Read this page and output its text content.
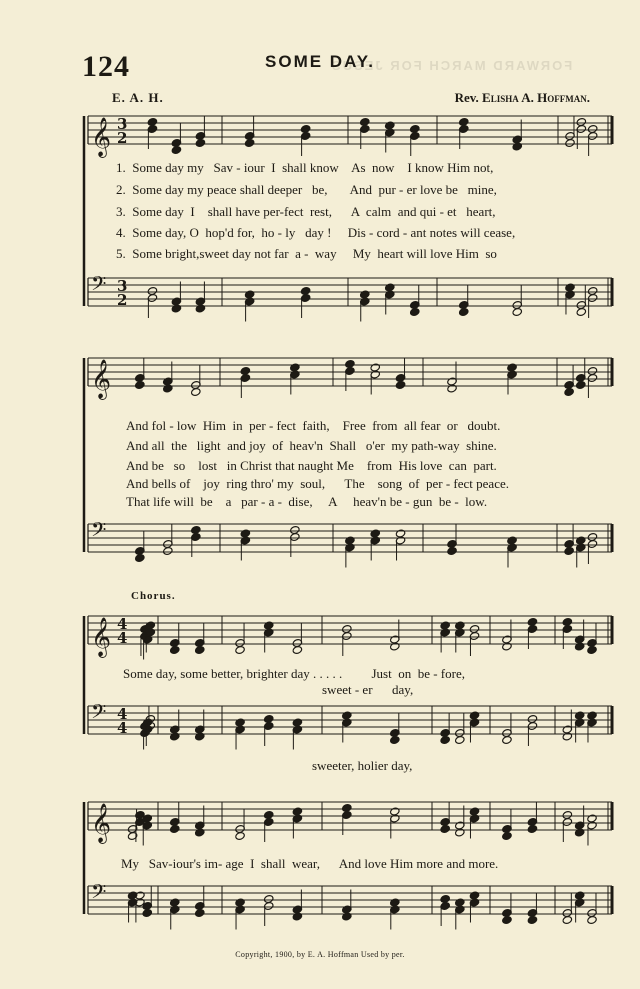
124	SOME DAY.
FORWARD MARCH FOR JESUS
E. A. H.	Rev. Elisha A. Hoffman.
𝄞 3
2
𝄢 3
2
𝄞
𝄢
𝄞 4
4
𝄢 4
4
𝄞
𝄢
1.  Some day my   Sav - iour  I  shall know    As  now    I know Him not,
2.  Some day my peace shall deeper   be,       And  pur - er love be   mine,
3.  Some day  I    shall have per-fect  rest,      A  calm  and qui - et   heart,
4.  Some day, O  hop'd for,  ho - ly   day !     Dis - cord - ant notes will cease,
5.  Some bright,sweet day not far  a -  way     My  heart will love Him  so
And fol - low  Him  in  per - fect  faith,    Free  from  all fear  or   doubt.
And all  the   light  and joy  of  heav'n  Shall   o'er  my path-way  shine.
And be   so    lost   in Christ that naught Me    from  His love  can  part.
And bells of    joy  ring thro' my  soul,      The    song  of  per - fect peace.
That life will  be    a   par - a -  dise,     A     heav'n be - gun  be -  low.
Chorus.
Some day, some better, brighter day . . . . .         Just  on  be - fore,
sweet - er      day,
sweeter, holier day,
My   Sav-iour's im- age  I  shall  wear,      And love Him more and more.
Copyright, 1900, by E. A. Hoffman Used by per.
